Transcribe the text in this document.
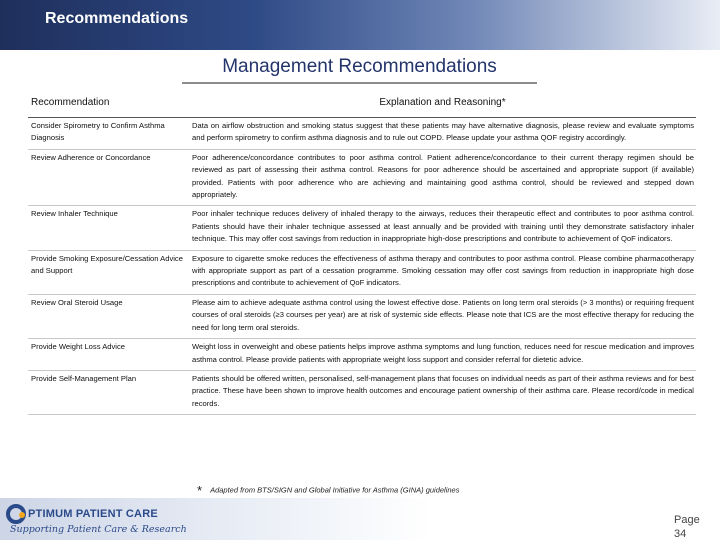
Recommendations
Management Recommendations
Recommendation	Explanation and Reasoning*
Consider Spirometry to Confirm Asthma Diagnosis	Data on airflow obstruction and smoking status suggest that these patients may have alternative diagnosis, please review and evaluate symptoms and perform spirometry to confirm asthma diagnosis and to rule out COPD. Please update your asthma QOF registry accordingly.
Review Adherence or Concordance	Poor adherence/concordance contributes to poor asthma control. Patient adherence/concordance to their current therapy regimen should be reviewed as part of assessing their asthma control. Reasons for poor adherence should be ascertained and appropriate support (if available) provided. Patients with poor adherence who are achieving and maintaining good asthma control, should be reviewed and stepped down appropriately.
Review Inhaler Technique	Poor inhaler technique reduces delivery of inhaled therapy to the airways, reduces their therapeutic effect and contributes to poor asthma control. Patients should have their inhaler technique assessed at least annually and be provided with training until they demonstrate satisfactory inhaler technique. This may offer cost savings from reduction in inappropriate high-dose prescriptions and contribute to achievement of QoF indicators.
Provide Smoking Exposure/Cessation Advice and Support	Exposure to cigarette smoke reduces the effectiveness of asthma therapy and contributes to poor asthma control. Please combine pharmacotherapy with appropriate support as part of a cessation programme. Smoking cessation may offer cost savings from reduction in inappropriate high dose prescriptions and contribute to achievement of QoF indicators.
Review Oral Steroid Usage	Please aim to achieve adequate asthma control using the lowest effective dose. Patients on long term oral steroids (> 3 months) or requiring frequent courses of oral steroids (≥3 courses per year) are at risk of systemic side effects. Please note that ICS are the most effective therapy for reducing the need for long term oral steroids.
Provide Weight Loss Advice	Weight loss in overweight and obese patients helps improve asthma symptoms and lung function, reduces need for rescue medication and improves asthma control. Please provide patients with appropriate weight loss support and consider referral for dietetic advice.
Provide Self-Management Plan	Patients should be offered written, personalised, self-management plans that focuses on individual needs as part of their asthma reviews and for best practice. These have been shown to improve health outcomes and encourage patient ownership of their asthma care. Please record/code in medical records.
* Adapted from BTS/SIGN and Global Initiative for Asthma (GINA) guidelines
PTIMUM PATIENT CARE
Supporting Patient Care & Research
Page
34
